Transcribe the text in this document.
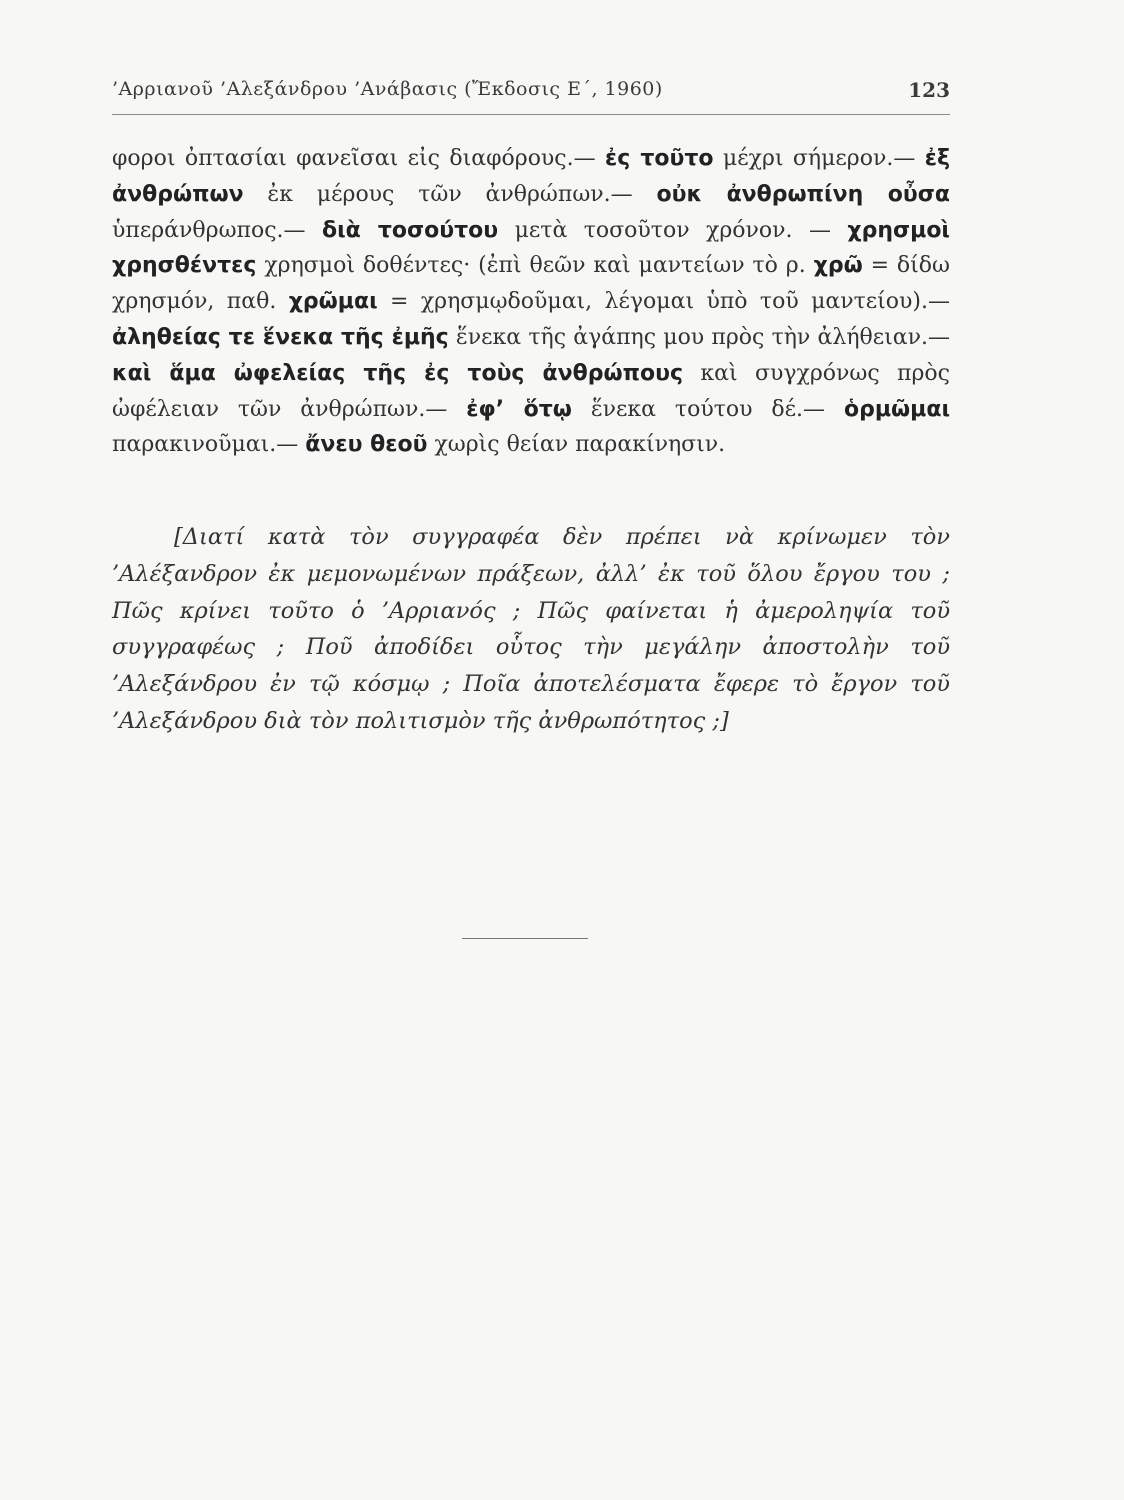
’Αρριανοῦ ’Αλεξάνδρου ’Ανάβασις (Ἔκδοσις Ε΄, 1960)	123
φοροι ὀπτασίαι φανεῖσαι εἰς διαφόρους.— ἐς τοῦτο μέχρι σήμερον.— ἐξ ἀνθρώπων ἐκ μέρους τῶν ἀνθρώπων.— οὐκ ἀνθρωπίνη οὖσα ὑπεράνθρωπος.— διὰ τοσούτου μετὰ τοσοῦτον χρόνον. — χρησμοὶ χρησθέντες χρησμοὶ δοθέντες· (ἐπὶ θεῶν καὶ μαντείων τὸ ρ. χρῶ = δίδω χρησμόν, παθ. χρῶμαι = χρησμῳδοῦμαι, λέγομαι ὑπὸ τοῦ μαντείου).— ἀληθείας τε ἕνεκα τῆς ἐμῆς ἕνεκα τῆς ἀγάπης μου πρὸς τὴν ἀλήθειαν.— καὶ ἅμα ὠφελείας τῆς ἐς τοὺς ἀνθρώπους καὶ συγχρόνως πρὸς ὠφέλειαν τῶν ἀνθρώπων.— ἐφ’ ὅτῳ ἕνεκα τούτου δέ.— ὁρμῶμαι παρακινοῦμαι.— ἄνευ θεοῦ χωρὶς θείαν παρακίνησιν.
[Διατί κατὰ τὸν συγγραφέα δὲν πρέπει νὰ κρίνωμεν τὸν ’Αλέξανδρον ἐκ μεμονωμένων πράξεων, ἀλλ’ ἐκ τοῦ ὅλου ἔργου του ; Πῶς κρίνει τοῦτο ὁ ’Αρριανός ; Πῶς φαίνεται ἡ ἀμεροληψία τοῦ συγγραφέως ; Ποῦ ἀποδίδει οὗτος τὴν μεγάλην ἀποστολὴν τοῦ ’Αλεξάνδρου ἐν τῷ κόσμῳ ; Ποῖα ἀποτελέσματα ἔφερε τὸ ἔργον τοῦ ’Αλεξάνδρου διὰ τὸν πολιτισμὸν τῆς ἀνθρωπότητος ;]
